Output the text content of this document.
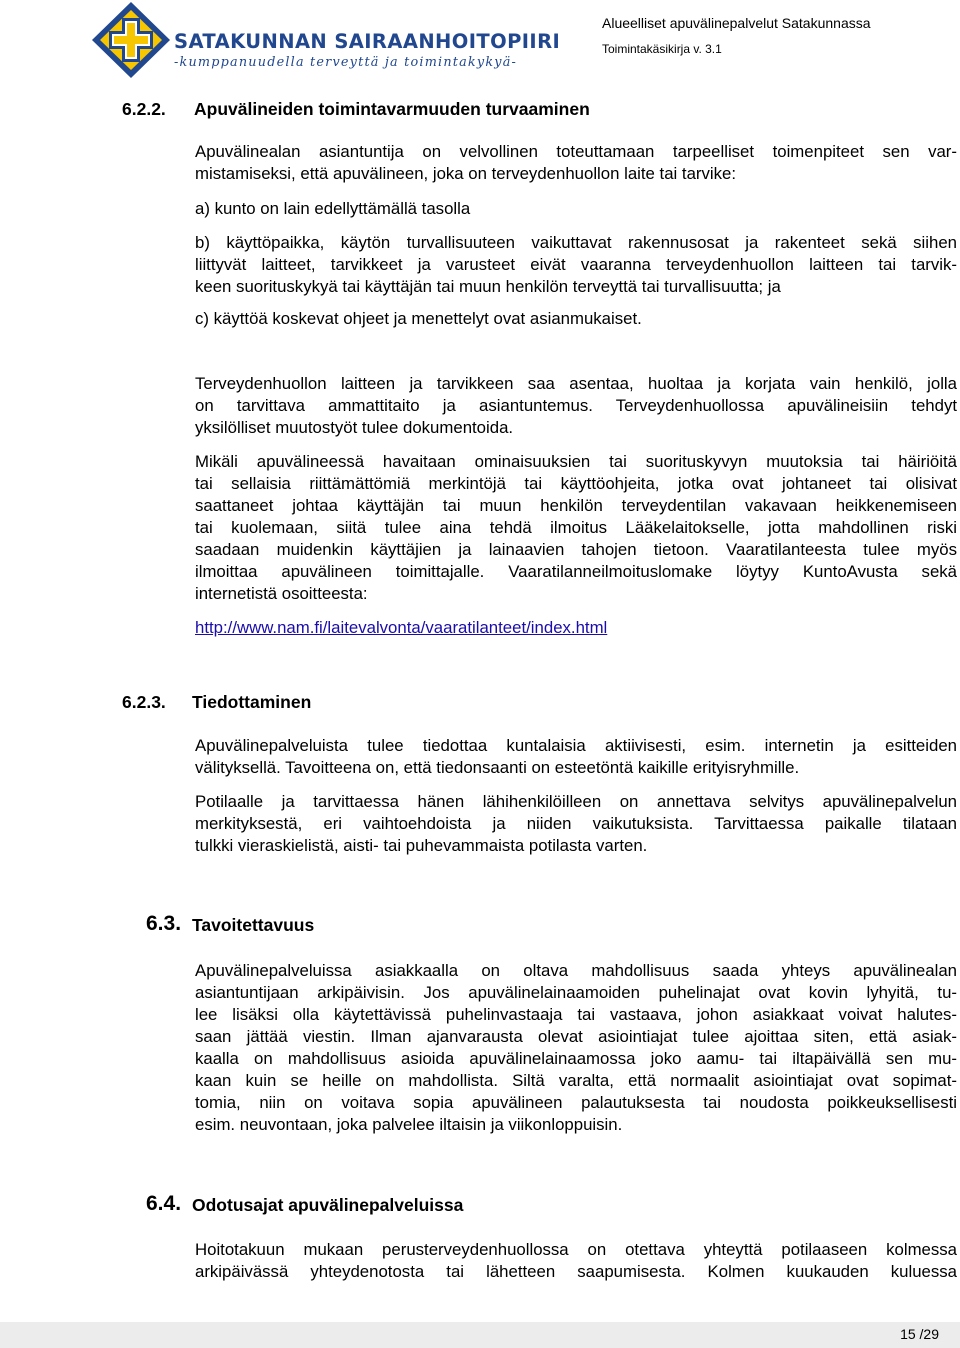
SATAKUNNAN SAIRAANHOITOPIIRI
-kumppanuudella terveyttä ja toimintakykyä-
Alueelliset apuvälinepalvelut Satakunnassa
Toimintakäsikirja v. 3.1
6.2.2. Apuvälineiden toimintavarmuuden turvaaminen
Apuvälinealan asiantuntija on velvollinen toteuttamaan tarpeelliset toimenpiteet sen var-
mistamiseksi, että apuvälineen, joka on terveydenhuollon laite tai tarvike:
a) kunto on lain edellyttämällä tasolla
b) käyttöpaikka, käytön turvallisuuteen vaikuttavat rakennusosat ja rakenteet sekä siihen
liittyvät laitteet, tarvikkeet ja varusteet eivät vaaranna terveydenhuollon laitteen tai tarvik-
keen suorituskykyä tai käyttäjän tai muun henkilön terveyttä tai turvallisuutta; ja
c) käyttöä koskevat ohjeet ja menettelyt ovat asianmukaiset.
Terveydenhuollon laitteen ja tarvikkeen saa asentaa, huoltaa ja korjata vain henkilö, jolla
on tarvittava ammattitaito ja asiantuntemus. Terveydenhuollossa apuvälineisiin tehdyt
yksilölliset muutostyöt tulee dokumentoida.
Mikäli apuvälineessä havaitaan ominaisuuksien tai suorituskyvyn muutoksia tai häiriöitä
tai sellaisia riittämättömiä merkintöjä tai käyttöohjeita, jotka ovat johtaneet tai olisivat
saattaneet johtaa käyttäjän tai muun henkilön terveydentilan vakavaan heikkenemiseen
tai kuolemaan, siitä tulee aina tehdä ilmoitus Lääkelaitokselle, jotta mahdollinen riski
saadaan muidenkin käyttäjien ja lainaavien tahojen tietoon. Vaaratilanteesta tulee myös
ilmoittaa apuvälineen toimittajalle. Vaaratilanneilmoituslomake löytyy KuntoAvusta sekä
internetistä osoitteesta:
http://www.nam.fi/laitevalvonta/vaaratilanteet/index.html
6.2.3. Tiedottaminen
Apuvälinepalveluista tulee tiedottaa kuntalaisia aktiivisesti, esim. internetin ja esitteiden
välityksellä. Tavoitteena on, että tiedonsaanti on esteetöntä kaikille erityisryhmille.
Potilaalle ja tarvittaessa hänen lähihenkilöilleen on annettava selvitys apuvälinepalvelun
merkityksestä, eri vaihtoehdoista ja niiden vaikutuksista. Tarvittaessa paikalle tilataan
tulkki vieraskielistä, aisti- tai puhevammaista potilasta varten.
6.3. Tavoitettavuus
Apuvälinepalveluissa asiakkaalla on oltava mahdollisuus saada yhteys apuvälinealan
asiantuntijaan arkipäivisin. Jos apuvälinelainaamoiden puhelinajat ovat kovin lyhyitä, tu-
lee lisäksi olla käytettävissä puhelinvastaaja tai vastaava, johon asiakkaat voivat halutes-
saan jättää viestin. Ilman ajanvarausta olevat asiointiajat tulee ajoittaa siten, että asiak-
kaalla on mahdollisuus asioida apuvälinelainaamossa joko aamu- tai iltapäivällä sen mu-
kaan kuin se heille on mahdollista. Siltä varalta, että normaalit asiointiajat ovat sopimat-
tomia, niin on voitava sopia apuvälineen palautuksesta tai noudosta poikkeuksellisesti
esim. neuvontaan, joka palvelee iltaisin ja viikonloppuisin.
6.4. Odotusajat apuvälinepalveluissa
Hoitotakuun mukaan perusterveydenhuollossa on otettava yhteyttä potilaaseen kolmessa
arkipäivässä yhteydenotosta tai lähetteen saapumisesta. Kolmen kuukauden kuluessa
15 /29
